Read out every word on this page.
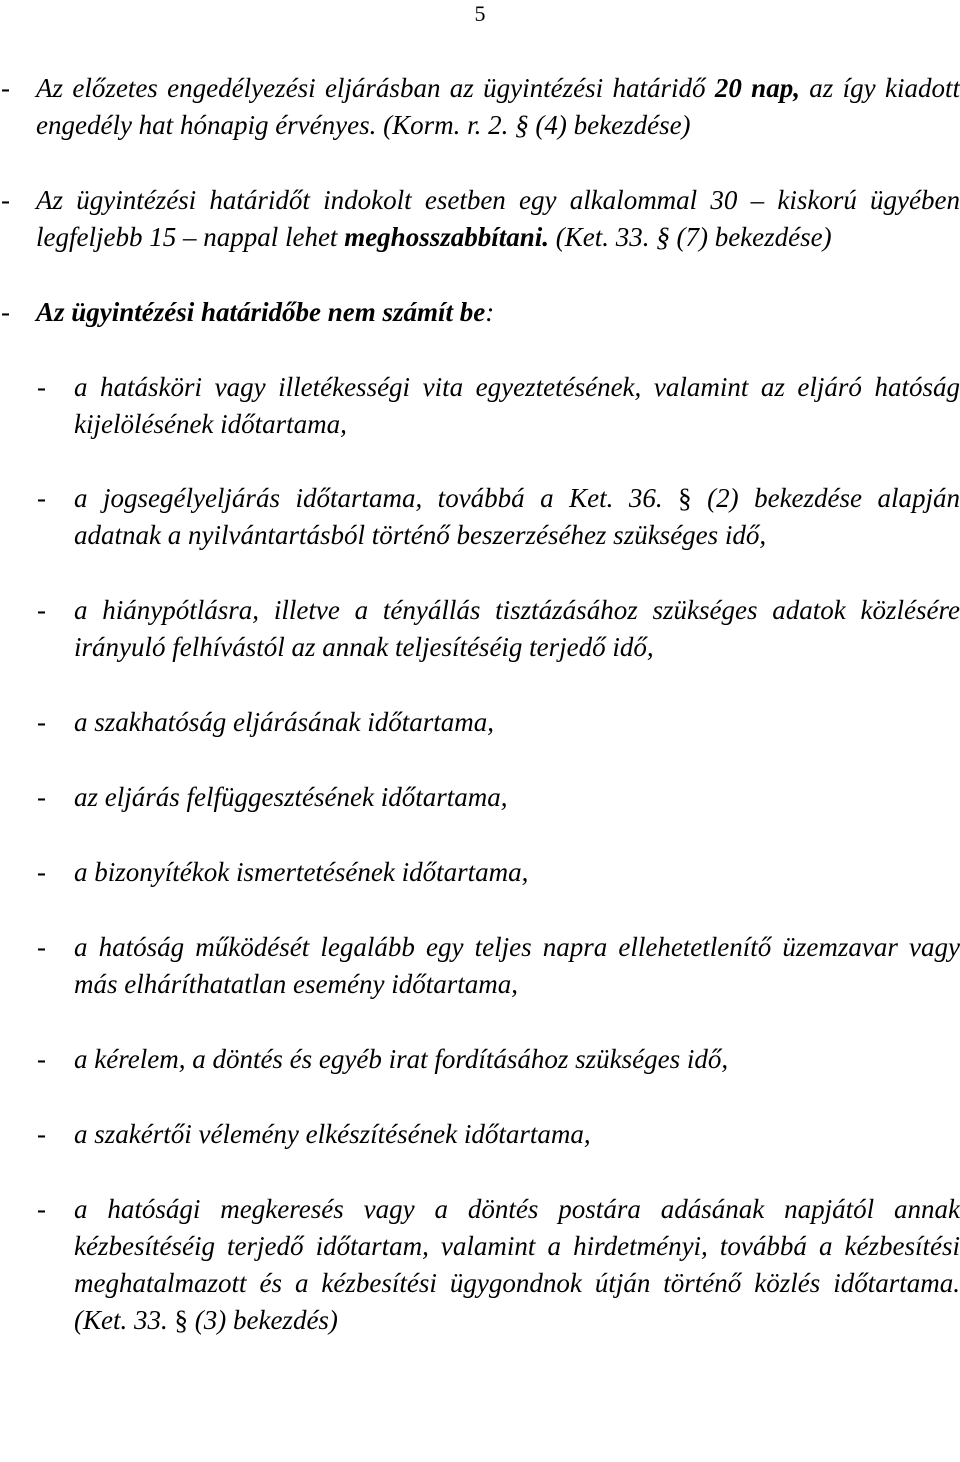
5

- Az előzetes engedélyezési eljárásban az ügyintézési határidő 20 nap, az így kiadott engedély hat hónapig érvényes. (Korm. r. 2. § (4) bekezdése)

- Az ügyintézési határidőt indokolt esetben egy alkalommal 30 – kiskorú ügyében legfeljebb 15 – nappal lehet meghosszabbítani. (Ket. 33. § (7) bekezdése)

- Az ügyintézési határidőbe nem számít be:

- a hatásköri vagy illetékességi vita egyeztetésének, valamint az eljáró hatóság kijelölésének időtartama,

- a jogsegélyeljárás időtartama, továbbá a Ket. 36. § (2) bekezdése alapján adatnak a nyilvántartásból történő beszerzéséhez szükséges idő,

- a hiánypótlásra, illetve a tényállás tisztázásához szükséges adatok közlésére irányuló felhívástól az annak teljesítéséig terjedő idő,

- a szakhatóság eljárásának időtartama,

- az eljárás felfüggesztésének időtartama,

- a bizonyítékok ismertetésének időtartama,

- a hatóság működését legalább egy teljes napra ellehetetlenítő üzemzavar vagy más elháríthatatlan esemény időtartama,

- a kérelem, a döntés és egyéb irat fordításához szükséges idő,

- a szakértői vélemény elkészítésének időtartama,

- a hatósági megkeresés vagy a döntés postára adásának napjától annak kézbesítéséig terjedő időtartam, valamint a hirdetményi, továbbá a kézbesítési meghatalmazott és a kézbesítési ügygondnok útján történő közlés időtartama. (Ket. 33. § (3) bekezdés)
